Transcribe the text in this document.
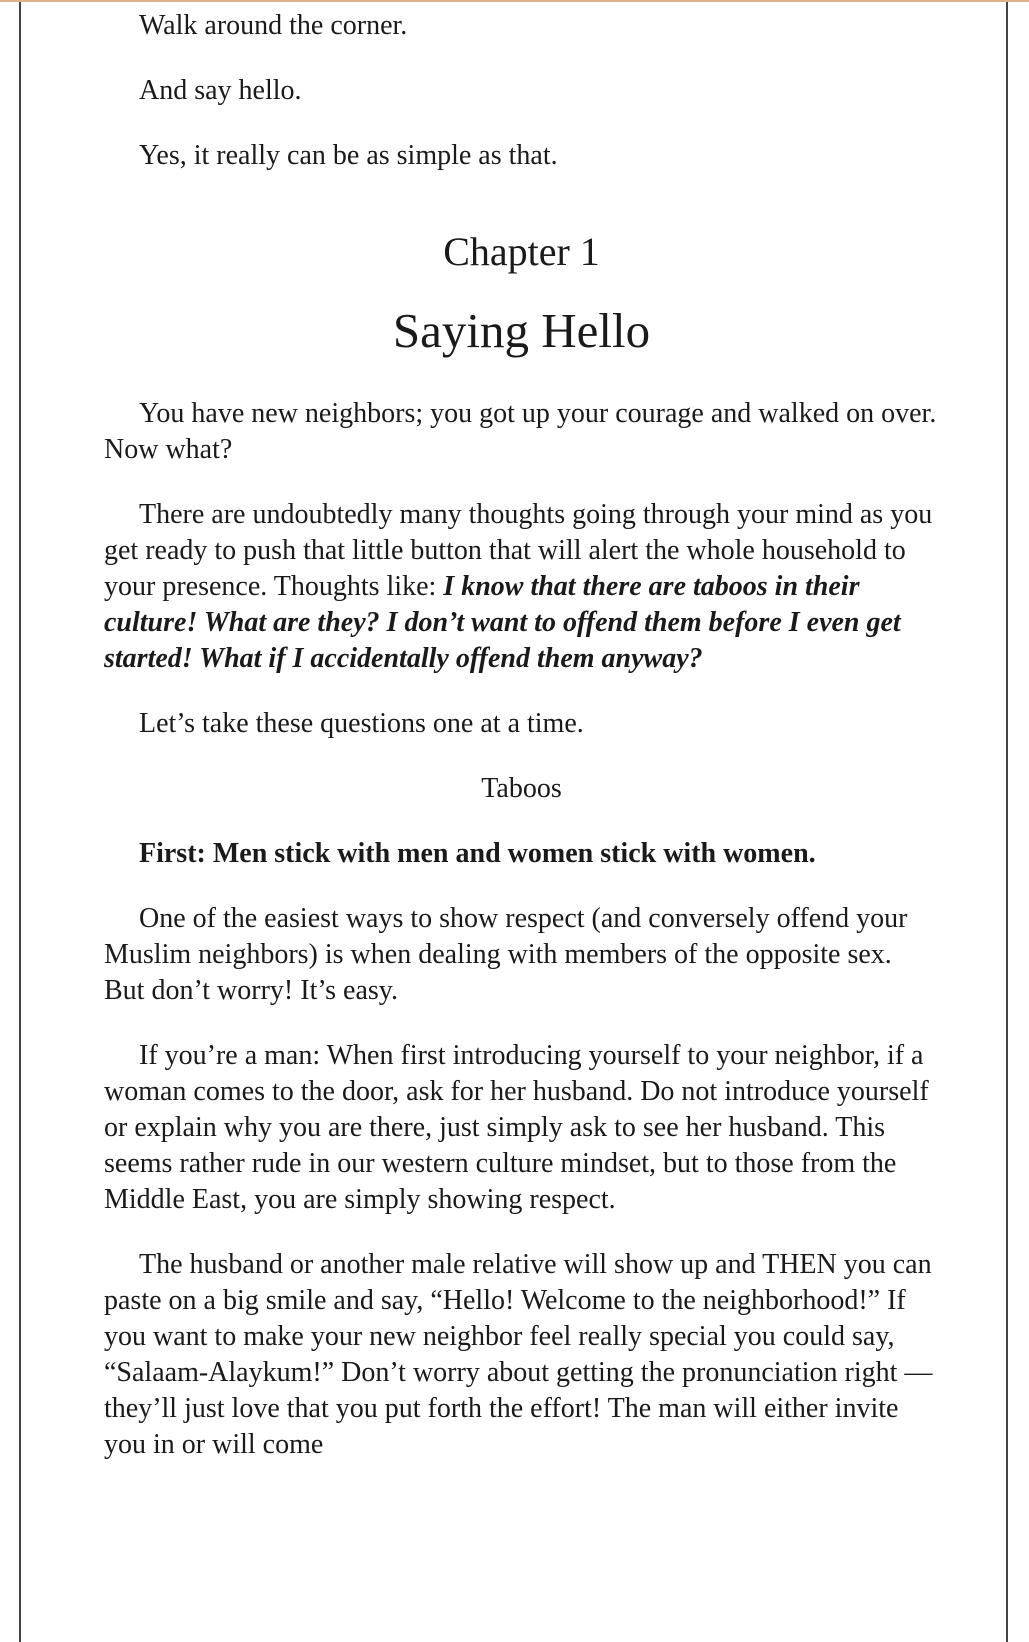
Walk around the corner.

And say hello.

Yes, it really can be as simple as that.

Chapter 1

Saying Hello

You have new neighbors; you got up your courage and walked on over. Now what?

There are undoubtedly many thoughts going through your mind as you get ready to push that little button that will alert the whole household to your presence. Thoughts like: I know that there are taboos in their culture! What are they? I don’t want to offend them before I even get started! What if I accidentally offend them anyway?

Let’s take these questions one at a time.

Taboos

First: Men stick with men and women stick with women.

One of the easiest ways to show respect (and conversely offend your Muslim neighbors) is when dealing with members of the opposite sex. But don’t worry! It’s easy.

If you’re a man: When first introducing yourself to your neighbor, if a woman comes to the door, ask for her husband. Do not introduce yourself or explain why you are there, just simply ask to see her husband. This seems rather rude in our western culture mindset, but to those from the Middle East, you are simply showing respect.

The husband or another male relative will show up and THEN you can paste on a big smile and say, “Hello! Welcome to the neighborhood!” If you want to make your new neighbor feel really special you could say, “Salaam-Alaykum!” Don’t worry about getting the pronunciation right —they’ll just love that you put forth the effort! The man will either invite you in or will come
